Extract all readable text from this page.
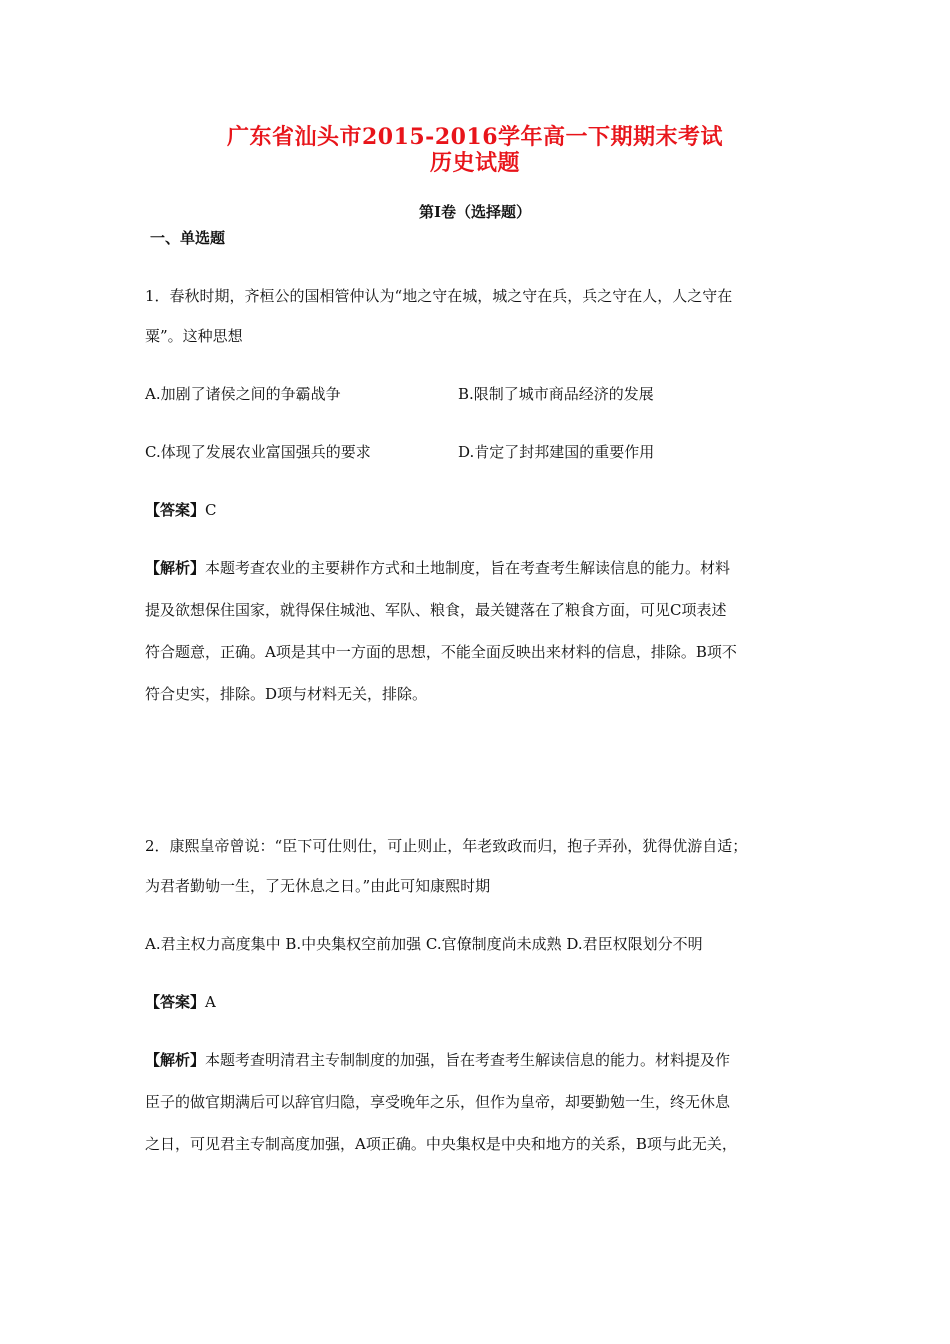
广东省汕头市2015-2016学年高一下期期末考试
历史试题
第Ⅰ卷（选择题）
一、单选题
1．春秋时期，齐桓公的国相管仲认为“地之守在城，城之守在兵，兵之守在人，人之守在
粟”。这种思想
A.加剧了诸侯之间的争霸战争	B.限制了城市商品经济的发展
C.体现了发展农业富国强兵的要求	D.肯定了封邦建国的重要作用
【答案】C
【解析】本题考查农业的主要耕作方式和土地制度，旨在考查考生解读信息的能力。材料
提及欲想保住国家，就得保住城池、军队、粮食，最关键落在了粮食方面，可见C项表述
符合题意，正确。A项是其中一方面的思想，不能全面反映出来材料的信息，排除。B项不
符合史实，排除。D项与材料无关，排除。
2．康熙皇帝曾说：“臣下可仕则仕，可止则止，年老致政而归，抱子弄孙，犹得优游自适；
为君者勤劬一生，了无休息之日。”由此可知康熙时期
A.君主权力高度集中 B.中央集权空前加强 C.官僚制度尚未成熟 D.君臣权限划分不明
【答案】A
【解析】本题考查明清君主专制制度的加强，旨在考查考生解读信息的能力。材料提及作
臣子的做官期满后可以辞官归隐，享受晚年之乐，但作为皇帝，却要勤勉一生，终无休息
之日，可见君主专制高度加强，A项正确。中央集权是中央和地方的关系，B项与此无关，
